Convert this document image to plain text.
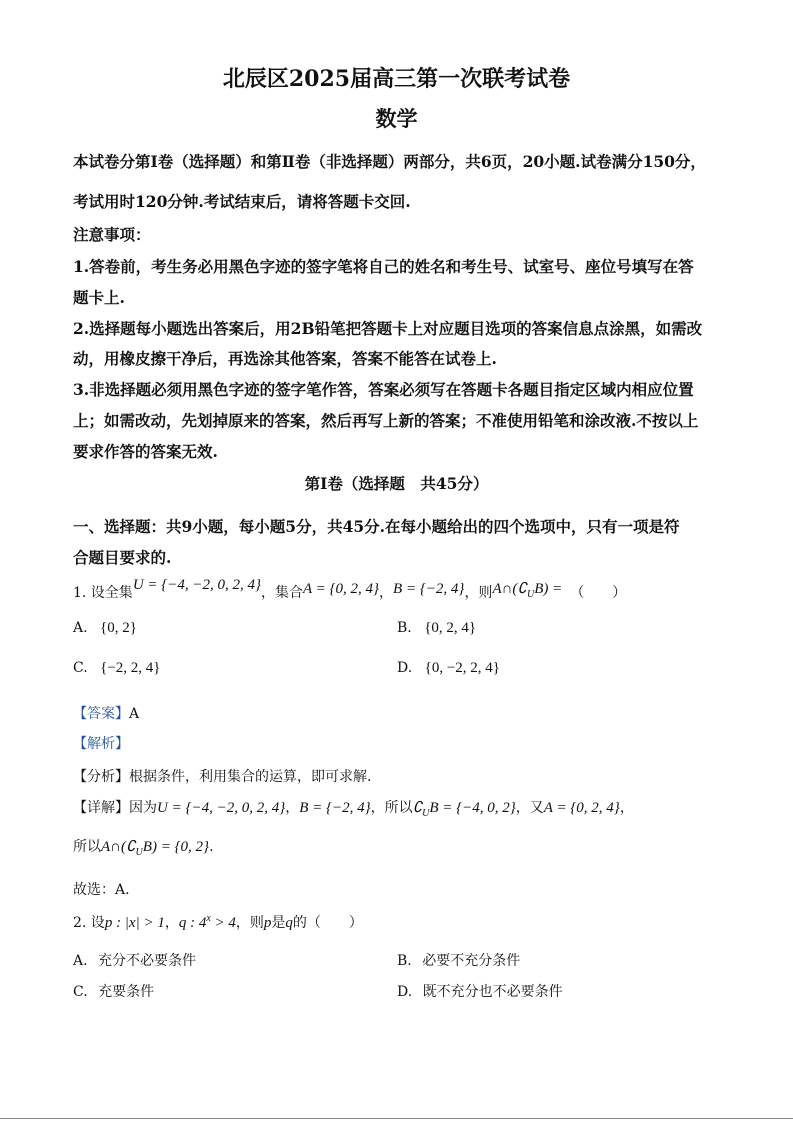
北辰区2025届高三第一次联考试卷
数学
本试卷分第Ⅰ卷（选择题）和第Ⅱ卷（非选择题）两部分，共6页，20小题.试卷满分150分，
考试用时120分钟.考试结束后，请将答题卡交回.
注意事项：
1.答卷前，考生务必用黑色字迹的签字笔将自己的姓名和考生号、试室号、座位号填写在答
题卡上.
2.选择题每小题选出答案后，用2B铅笔把答题卡上对应题目选项的答案信息点涂黑，如需改
动，用橡皮擦干净后，再选涂其他答案，答案不能答在试卷上.
3.非选择题必须用黑色字迹的签字笔作答，答案必须写在答题卡各题目指定区域内相应位置
上；如需改动，先划掉原来的答案，然后再写上新的答案；不准使用铅笔和涂改液.不按以上
要求作答的答案无效.
第Ⅰ卷（选择题　共45分）
一、选择题：共9小题，每小题5分，共45分.在每小题给出的四个选项中，只有一项是符
合题目要求的.
1. 设全集U = {−4, −2, 0, 2, 4}，集合A = {0, 2, 4}，B = {−2, 4}，则$A\cap(∁_UB)$ = （　　）
A. {0, 2}	B. {0, 2, 4}
C. {−2, 2, 4}	D. {0, −2, 2, 4}
【答案】A
【解析】
【分析】根据条件，利用集合的运算，即可求解.
【详解】因为U = {−4, −2, 0, 2, 4}，B = {−2, 4}，所以$∁_UB = \{-4$, 0, 2}，又A = {0, 2, 4}，
所以$A\cap(∁_UB) = \{0$, 2}.
故选：A.
2. 设p : |x| > 1，q : $4^x > 4$，则p是q的（　　）
A. 充分不必要条件	B. 必要不充分条件
C. 充要条件	D. 既不充分也不必要条件
